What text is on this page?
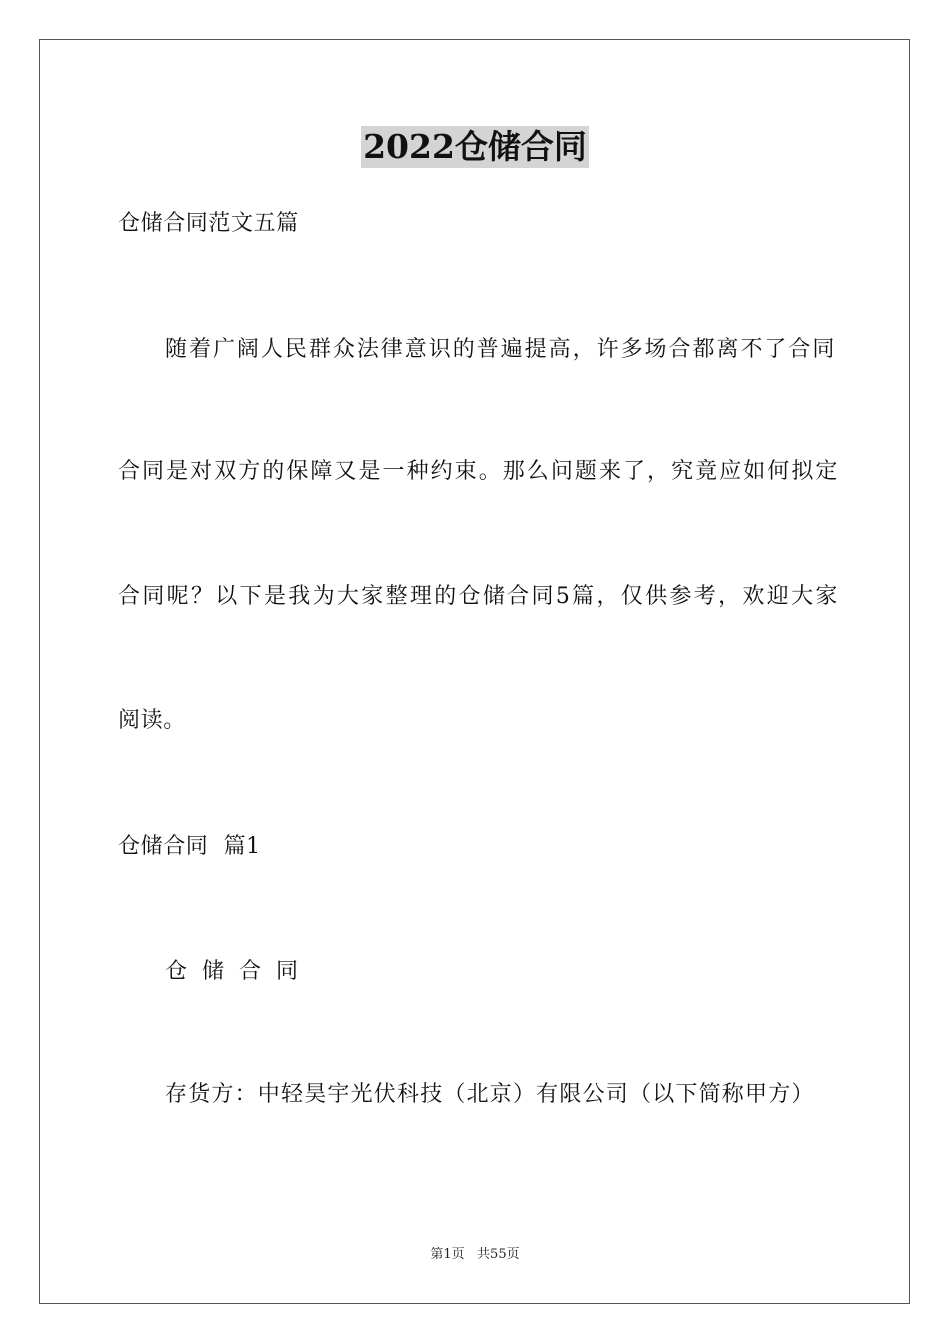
2022仓储合同
仓储合同范文五篇
随着广阔人民群众法律意识的普遍提高，许多场合都离不了合同
合同是对双方的保障又是一种约束。那么问题来了，究竟应如何拟定
合同呢？以下是我为大家整理的仓储合同5篇，仅供参考，欢迎大家
阅读。
仓储合同  篇1
仓 储 合 同
存货方：中轻昊宇光伏科技（北京）有限公司（以下简称甲方）
第1页   共55页
